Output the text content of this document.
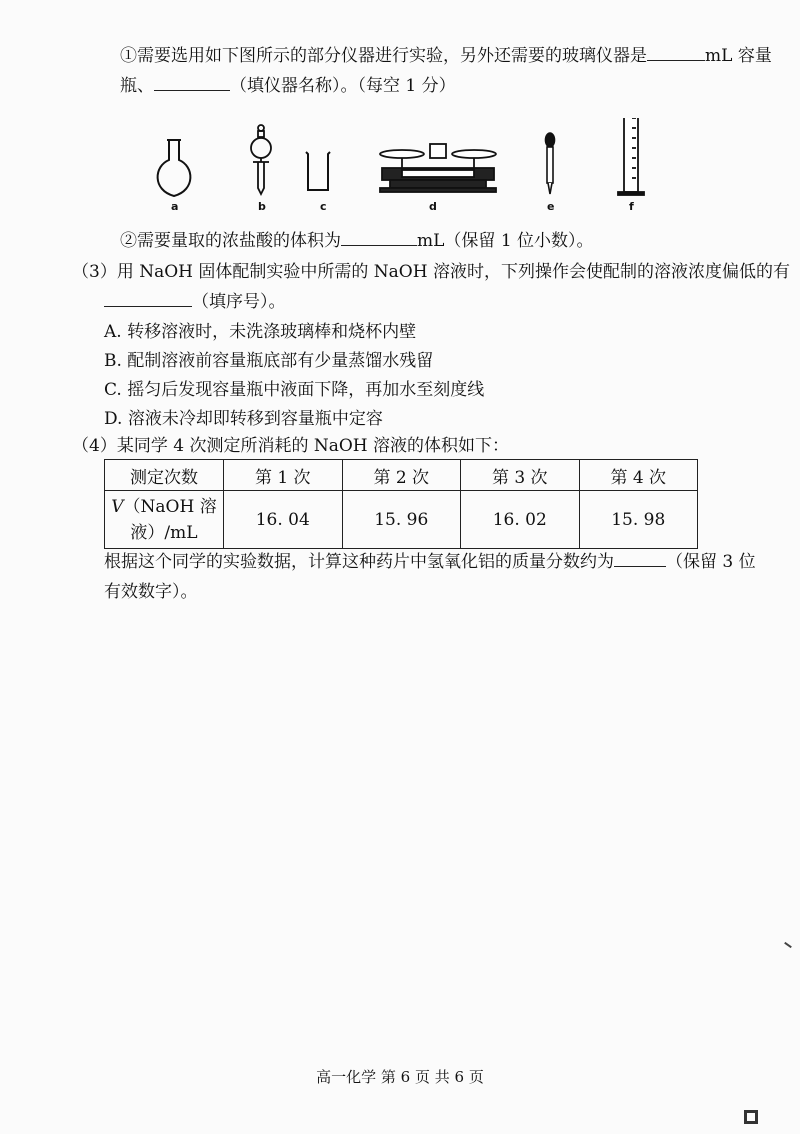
①需要选用如下图所示的部分仪器进行实验，另外还需要的玻璃仪器是	mL 容量
瓶、	（填仪器名称）。（每空 1 分）
a	b	c	d	e	f
②需要量取的浓盐酸的体积为	mL（保留 1 位小数）。
（3）用 NaOH 固体配制实验中所需的 NaOH 溶液时，下列操作会使配制的溶液浓度偏低的有
（填序号）。
A. 转移溶液时，未洗涤玻璃棒和烧杯内壁
B. 配制溶液前容量瓶底部有少量蒸馏水残留
C. 摇匀后发现容量瓶中液面下降，再加水至刻度线
D. 溶液未冷却即转移到容量瓶中定容
（4）某同学 4 次测定所消耗的 NaOH 溶液的体积如下：
测定次数	第 1 次	第 2 次	第 3 次	第 4 次
V（NaOH 溶
液）/mL	16. 04	15. 96	16. 02	15. 98
根据这个同学的实验数据，计算这种药片中氢氧化铝的质量分数约为	（保留 3 位
有效数字）。
高一化学 第 6 页 共 6 页
